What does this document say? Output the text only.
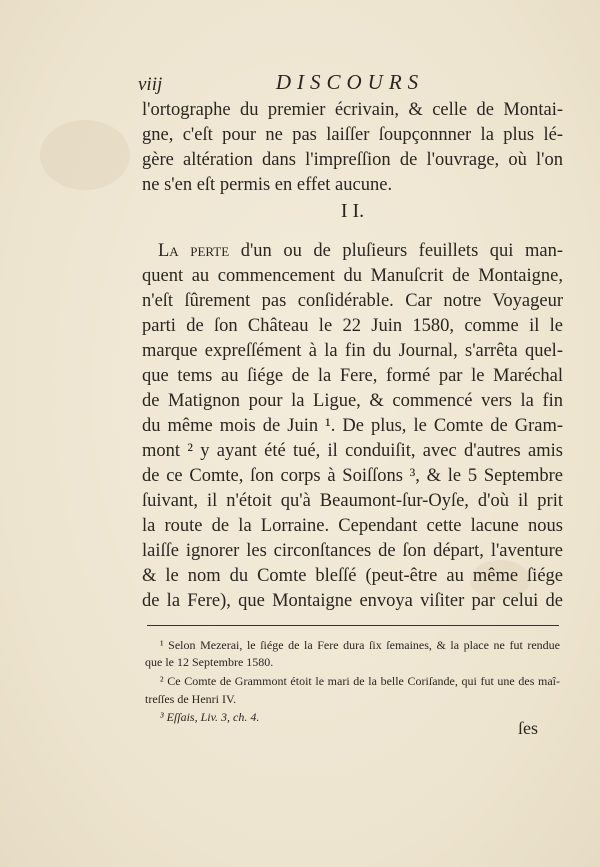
viij	DISCOURS
l'ortographe du premier écrivain, & celle de Montai-
gne, c'eſt pour ne pas laiſſer ſoupçonnner la plus lé-
gère altération dans l'impreſſion de l'ouvrage, où l'on
ne s'en eſt permis en effet aucune.
I I.
La perte d'un ou de pluſieurs feuillets qui man-
quent au commencement du Manuſcrit de Montaigne,
n'eſt ſûrement pas conſidérable. Car notre Voyageur
parti de ſon Château le 22 Juin 1580, comme il le
marque expreſſément à la fin du Journal, s'arrêta quel-
que tems au ſiége de la Fere, formé par le Maréchal
de Matignon pour la Ligue, & commencé vers la fin
du même mois de Juin ¹. De plus, le Comte de Gram-
mont ² y ayant été tué, il conduiſit, avec d'autres amis
de ce Comte, ſon corps à Soiſſons ³, & le 5 Septembre
ſuivant, il n'étoit qu'à Beaumont-ſur-Oyſe, d'où il prit
la route de la Lorraine. Cependant cette lacune nous
laiſſe ignorer les circonſtances de ſon départ, l'aventure
& le nom du Comte bleſſé (peut-être au même ſiége
de la Fere), que Montaigne envoya viſiter par celui de
¹ Selon Mezerai, le ſiége de la Fere dura ſix ſemaines, & la place ne fut rendue
que le 12 Septembre 1580.
² Ce Comte de Grammont étoit le mari de la belle Coriſande, qui fut une des maî-
treſſes de Henri IV.
³ Eſſais, Liv. 3, ch. 4.
ſes
